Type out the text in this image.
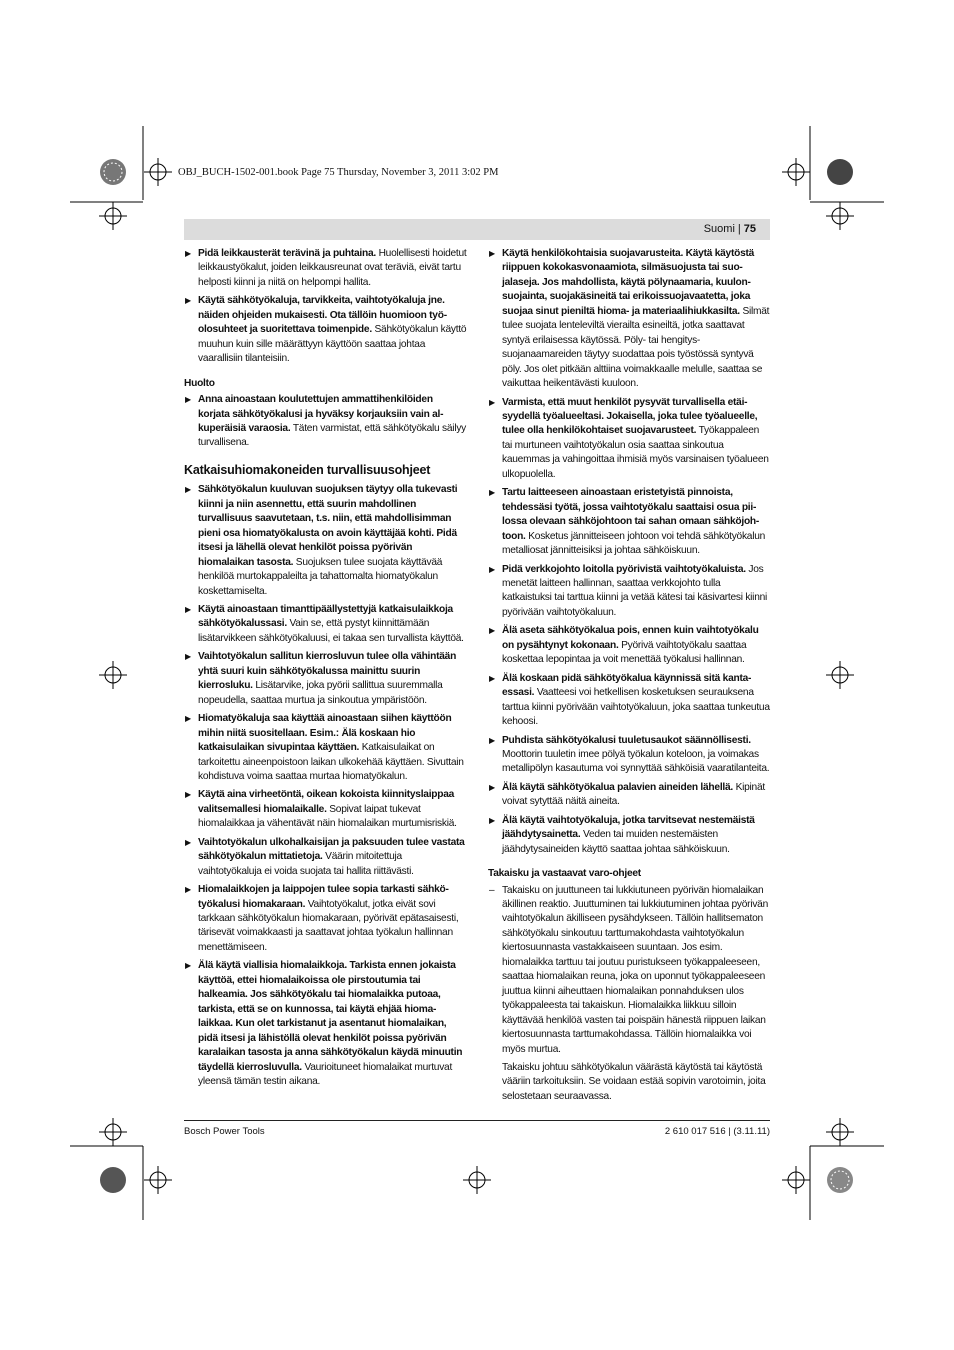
OBJ_BUCH-1502-001.book Page 75 Thursday, November 3, 2011 3:02 PM
Suomi | 75
▶ Pidä leikkausterät terävinä ja puhtaina. Huolellisesti hoidetut leikkaustyökalut, joiden leikkausreunat ovat teräviä, eivät tartu helposti kiinni ja niitä on helpompi hallita.
▶ Käytä sähkötyökaluja, tarvikkeita, vaihtotyökaluja jne. näiden ohjeiden mukaisesti. Ota tällöin huomioon työolosuhteet ja suoritettava toimenpide. Sähkötyökalun käyttö muuhun kuin sille määrättyyn käyttöön saattaa johtaa vaarallisiin tilanteisiin.
Huolto
▶ Anna ainoastaan koulutettujen ammattihenkilöiden korjata sähkötyökalusi ja hyväksy korjauksiin vain alkuperäisiä varaosia. Täten varmistat, että sähkötyökalu säilyy turvallisena.
Katkaisuhiomakoneiden turvallisuusohjeet
▶ Sähkötyökalun kuuluvan suojuksen täytyy olla tukevasti kiinni ja niin asennettu, että suurin mahdollinen turvallisuus saavutetaan, t.s. niin, että mahdollisimman pieni osa hiomatyökalusta on avoin käyttäjää kohti. Pidä itsesi ja lähellä olevat henkilöt poissa pyörivän hiomalaikan tasosta. Suojuksen tulee suojata käyttävää henkilöä murtokappaleilta ja tahattomalta hiomatyökalun koskettamiselta.
▶ Käytä ainoastaan timanttipäällystettyjä katkaisulaikkoja sähkötyökalussasi. Vain se, että pystyt kiinnittämään lisätarvikkeen sähkötyökaluusi, ei takaa sen turvallista käyttöä.
▶ Vaihtotyökalun sallitun kierrosluvun tulee olla vähintään yhtä suuri kuin sähkötyökalussa mainittu suurin kierrosluku. Lisätarvike, joka pyörii sallittua suuremmalla nopeudella, saattaa murtua ja sinkoutua ympäristöön.
▶ Hiomatyökaluja saa käyttää ainoastaan siihen käyttöön mihin niitä suositellaan. Esim.: Älä koskaan hio katkaisulaikan sivupintaa käyttäen. Katkaisulaikat on tarkoitettu aineenpoistoon laikan ulkokehää käyttäen. Sivuttain kohdistuva voima saattaa murtaa hiomatyökalun.
▶ Käytä aina virheetöntä, oikean kokoista kiinnityslaippaa valitsemallesi hiomalaikalle. Sopivat laipat tukevat hiomalaikkaa ja vähentävät näin hiomalaikan murtumisriskiä.
▶ Vaihtotyökalun ulkohalkaisijan ja paksuuden tulee vastata sähkötyökalun mittatietoja. Väärin mitoitettuja vaihtotyökaluja ei voida suojata tai hallita riittävästi.
▶ Hiomalaikkojen ja laippojen tulee sopia tarkasti sähkötyökalusi hiomakaraan. Vaihtotyökalut, jotka eivät sovi tarkkaan sähkötyökalun hiomakaraan, pyörivät epätasaisesti, tärisevät voimakkaasti ja saattavat johtaa työkalun hallinnan menettämiseen.
▶ Älä käytä viallisia hiomalaikkoja. Tarkista ennen jokaista käyttöä, ettei hiomalaikoissa ole pirstoutumia tai halkeamia. Jos sähkötyökalu tai hiomalaikka putoaa, tarkista, että se on kunnossa, tai käytä ehjää hiomalaikkaa. Kun olet tarkistanut ja asentanut hiomalaikan, pidä itsesi ja lähistöllä olevat henkilöt poissa pyörivän karalaikan tasosta ja anna sähkötyökalun käydä minuutin täydellä kierrosluvulla. Vaurioituneet hiomalaikat murtuvat yleensä tämän testin aikana.
▶ Käytä henkilökohtaisia suojavarusteita. Käytä käytöstä riippuen kokokasvonaamiota, silmäsuojusta tai suojalaseja. Jos mahdollista, käytä pölynaamaria, kuulonsuojainta, suojakäsineitä tai erikoissuojavaatetta, joka suojaa sinut pieniltä hioma- ja materiaalihiukkasilta. Silmät tulee suojata lenteleviltä vierailta esineiltä, jotka saattavat syntyä erilaisessa käytössä. Pöly- tai hengityssuojanaamareiden täytyy suodattaa pois työstössä syntyvä pöly. Jos olet pitkään alttiina voimakkaalle melulle, saattaa se vaikuttaa heikentävästi kuuloon.
▶ Varmista, että muut henkilöt pysyvät turvallisella etäisyydellä työalueeltasi. Jokaisella, joka tulee työalueelle, tulee olla henkilökohtaiset suojavarusteet. Työkappaleen tai murtuneen vaihtotyökalun osia saattaa sinkoutua kauemmas ja vahingoittaa ihmisiä myös varsinaisen työalueen ulkopuolella.
▶ Tartu laitteeseen ainoastaan eristetyistä pinnoista, tehdessäsi työtä, jossa vaihtotyökalu saattaisi osua piilossa olevaan sähköjohtoon tai sahan omaan sähköjohtoon. Kosketus jännitteiseen johtoon voi tehdä sähkötyökalun metalliosat jännitteisiksi ja johtaa sähköiskuun.
▶ Pidä verkkojohto loitolla pyörivistä vaihtotyökaluista. Jos menetät laitteen hallinnan, saattaa verkkojohto tulla katkaistuksi tai tarttua kiinni ja vetää kätesi tai käsivartesi kiinni pyörivään vaihtotyökaluun.
▶ Älä aseta sähkötyökalua pois, ennen kuin vaihtotyökalu on pysähtynyt kokonaan. Pyörivä vaihtotyökalu saattaa koskettaa lepopintaa ja voit menettää työkalusi hallinnan.
▶ Älä koskaan pidä sähkötyökalua käynnissä sitä kantaessasi. Vaatteesi voi hetkellisen kosketuksen seurauksena tarttua kiinni pyörivään vaihtotyökaluun, joka saattaa tunkeutua kehoosi.
▶ Puhdista sähkötyökalusi tuuletusaukot säännöllisesti. Moottorin tuuletin imee pölyä työkalun koteloon, ja voimakas metallipölyn kasautuma voi synnyttää sähköisiä vaaratilanteita.
▶ Älä käytä sähkötyökalua palavien aineiden lähellä. Kipinät voivat sytyttää näitä aineita.
▶ Älä käytä vaihtotyökaluja, jotka tarvitsevat nestemäistä jäähdytysainetta. Veden tai muiden nestemäisten jäähdytysaineiden käyttö saattaa johtaa sähköiskuun.
Takaisku ja vastaavat varo-ohjeet
– Takaisku on juuttuneen tai lukkiutuneen pyörivän hiomalaikan äkillinen reaktio. Juuttuminen tai lukkiutuminen johtaa pyörivän vaihtotyökalun äkilliseen pysähdykseen. Tällöin hallitsematon sähkötyökalu sinkoutuu tarttumakohdasta vaihtotyökalun kiertosuunnasta vastakkaiseen suuntaan. Jos esim. hiomalaikka tarttuu tai joutuu puristukseen työkappaleeseen, saattaa hiomalaikan reuna, joka on uponnut työkappaleeseen juuttua kiinni aiheuttaen hiomalaikan ponnahduksen ulos työkappaleesta tai takaiskun. Hiomalaikka liikkuu silloin käyttävää henkilöä vasten tai poispäin hänestä riippuen laikan kiertosuunnasta tarttumakohdassa. Tällöin hiomalaikka voi myös murtua.
Takaisku johtuu sähkötyökalun väärästä käytöstä tai käytöstä vääriin tarkoituksiin. Se voidaan estää sopivin varotoimin, joita selostetaan seuraavassa.
Bosch Power Tools	2 610 017 516 | (3.11.11)
